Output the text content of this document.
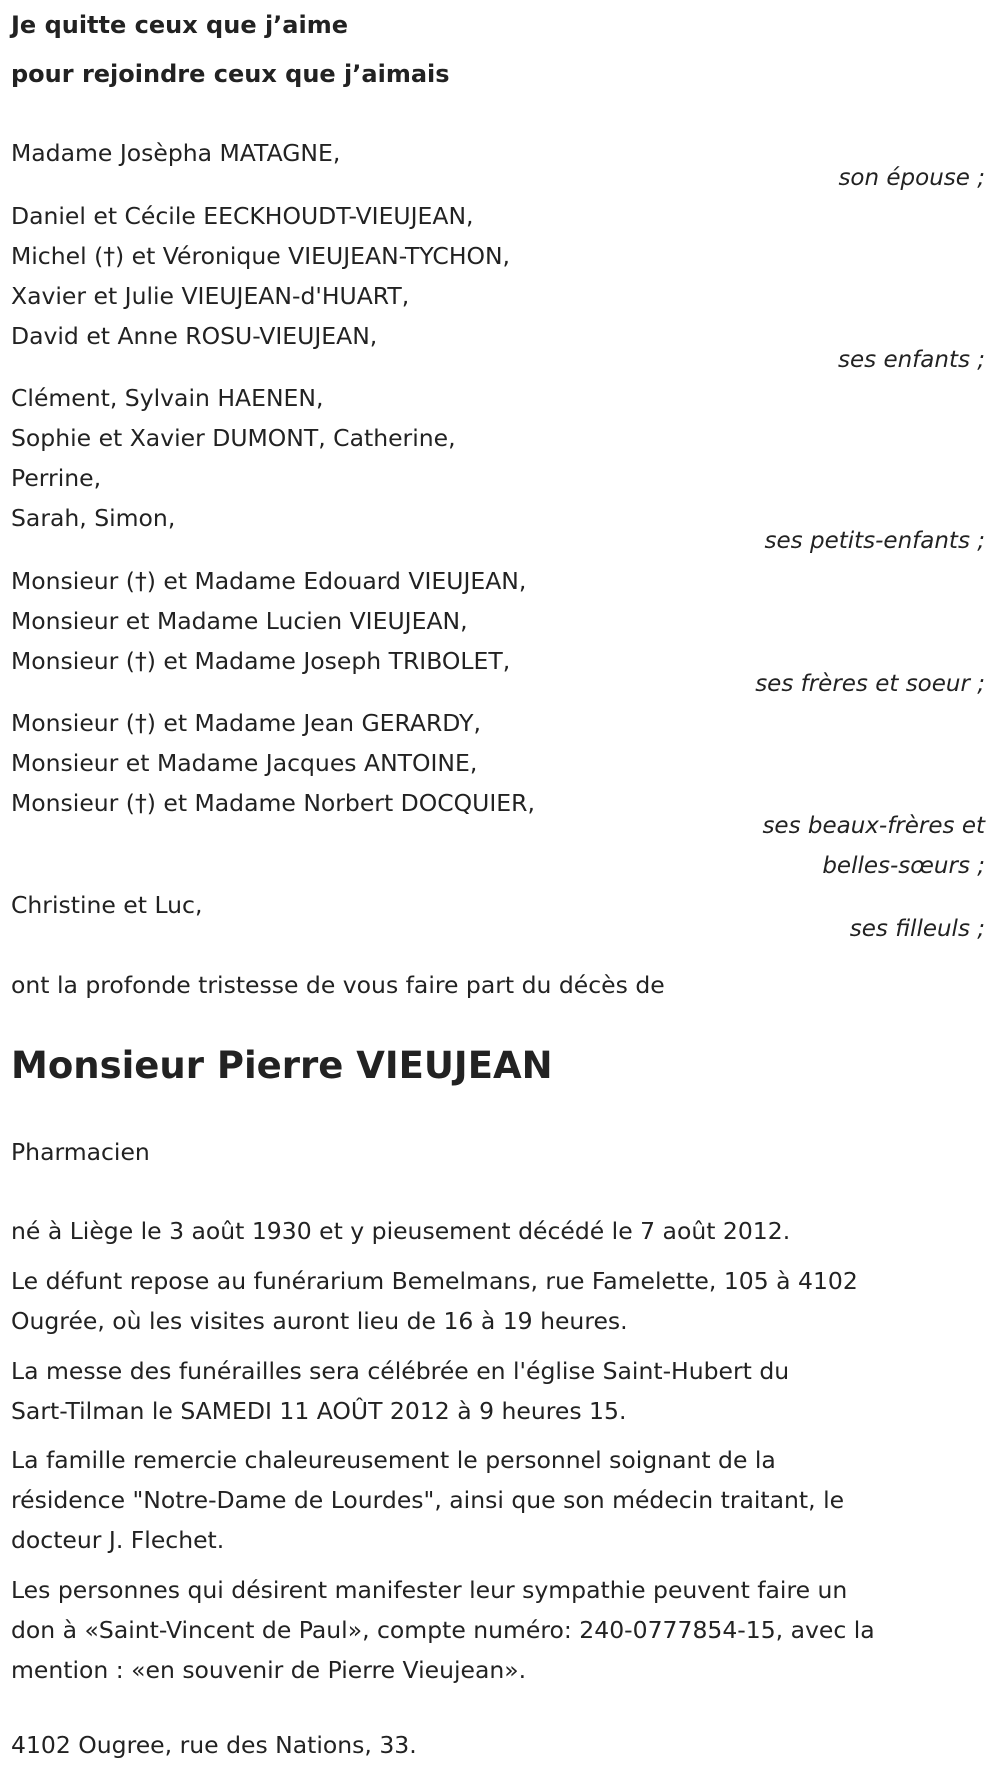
Je quitte ceux que j’aime
pour rejoindre ceux que j’aimais
Madame Josèpha MATAGNE,
son épouse ;
Daniel et Cécile EECKHOUDT-VIEUJEAN,
Michel (†) et Véronique VIEUJEAN-TYCHON,
Xavier et Julie VIEUJEAN-d'HUART,
David et Anne ROSU-VIEUJEAN,
ses enfants ;
Clément, Sylvain HAENEN,
Sophie et Xavier DUMONT, Catherine,
Perrine,
Sarah, Simon,
ses petits-enfants ;
Monsieur (†) et Madame Edouard VIEUJEAN,
Monsieur et Madame Lucien VIEUJEAN,
Monsieur (†) et Madame Joseph TRIBOLET,
ses frères et soeur ;
Monsieur (†) et Madame Jean GERARDY,
Monsieur et Madame Jacques ANTOINE,
Monsieur (†) et Madame Norbert DOCQUIER,
ses beaux-frères et
belles-sœurs ;
Christine et Luc,
ses filleuls ;
ont la profonde tristesse de vous faire part du décès de
Monsieur Pierre VIEUJEAN
Pharmacien
né à Liège le 3 août 1930 et y pieusement décédé le 7 août 2012.
Le défunt repose au funérarium Bemelmans, rue Famelette, 105 à 4102
Ougrée, où les visites auront lieu de 16 à 19 heures.
La messe des funérailles sera célébrée en l'église Saint-Hubert du
Sart-Tilman le SAMEDI 11 AOÛT 2012 à 9 heures 15.
La famille remercie chaleureusement le personnel soignant de la
résidence "Notre-Dame de Lourdes", ainsi que son médecin traitant, le
docteur J. Flechet.
Les personnes qui désirent manifester leur sympathie peuvent faire un
don à «Saint-Vincent de Paul», compte numéro: 240-0777854-15, avec la
mention : «en souvenir de Pierre Vieujean».
4102 Ougree, rue des Nations, 33.
